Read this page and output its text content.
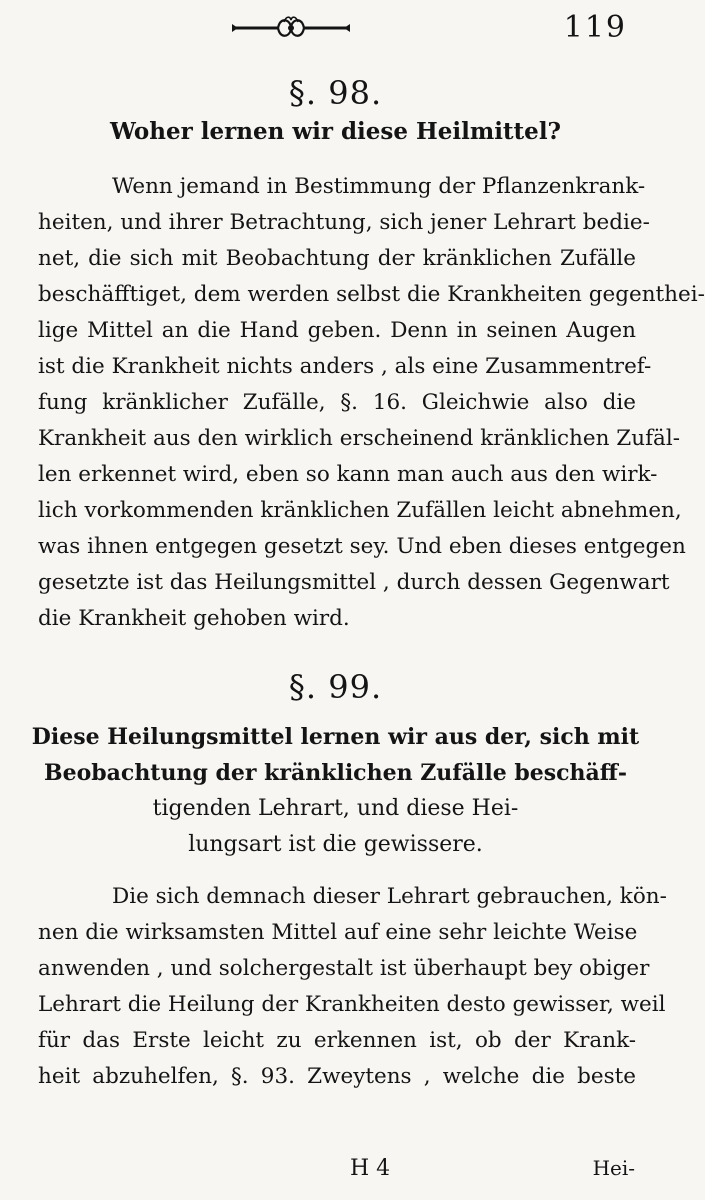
119
§. 98.
Woher lernen wir diese Heilmittel?
Wenn jemand in Bestimmung der Pflanzenkrank-
heiten, und ihrer Betrachtung, sich jener Lehrart bedie-
net, die sich mit Beobachtung der kränklichen Zufälle
beschäfftiget, dem werden selbst die Krankheiten gegenthei-
lige Mittel an die Hand geben. Denn in seinen Augen
ist die Krankheit nichts anders , als eine Zusammentref-
fung kränklicher Zufälle, §. 16. Gleichwie also die
Krankheit aus den wirklich erscheinend kränklichen Zufäl-
len erkennet wird, eben so kann man auch aus den wirk-
lich vorkommenden kränklichen Zufällen leicht abnehmen,
was ihnen entgegen gesetzt sey. Und eben dieses entgegen
gesetzte ist das Heilungsmittel , durch dessen Gegenwart
die Krankheit gehoben wird.
§. 99.
Diese Heilungsmittel lernen wir aus der, sich mit
Beobachtung der kränklichen Zufälle beschäff-
tigenden Lehrart, und diese Hei-
lungsart ist die gewissere.
Die sich demnach dieser Lehrart gebrauchen, kön-
nen die wirksamsten Mittel auf eine sehr leichte Weise
anwenden , und solchergestalt ist überhaupt bey obiger
Lehrart die Heilung der Krankheiten desto gewisser, weil
für das Erste leicht zu erkennen ist, ob der Krank-
heit abzuhelfen, §. 93. Zweytens , welche die beste
H 4	Hei-
